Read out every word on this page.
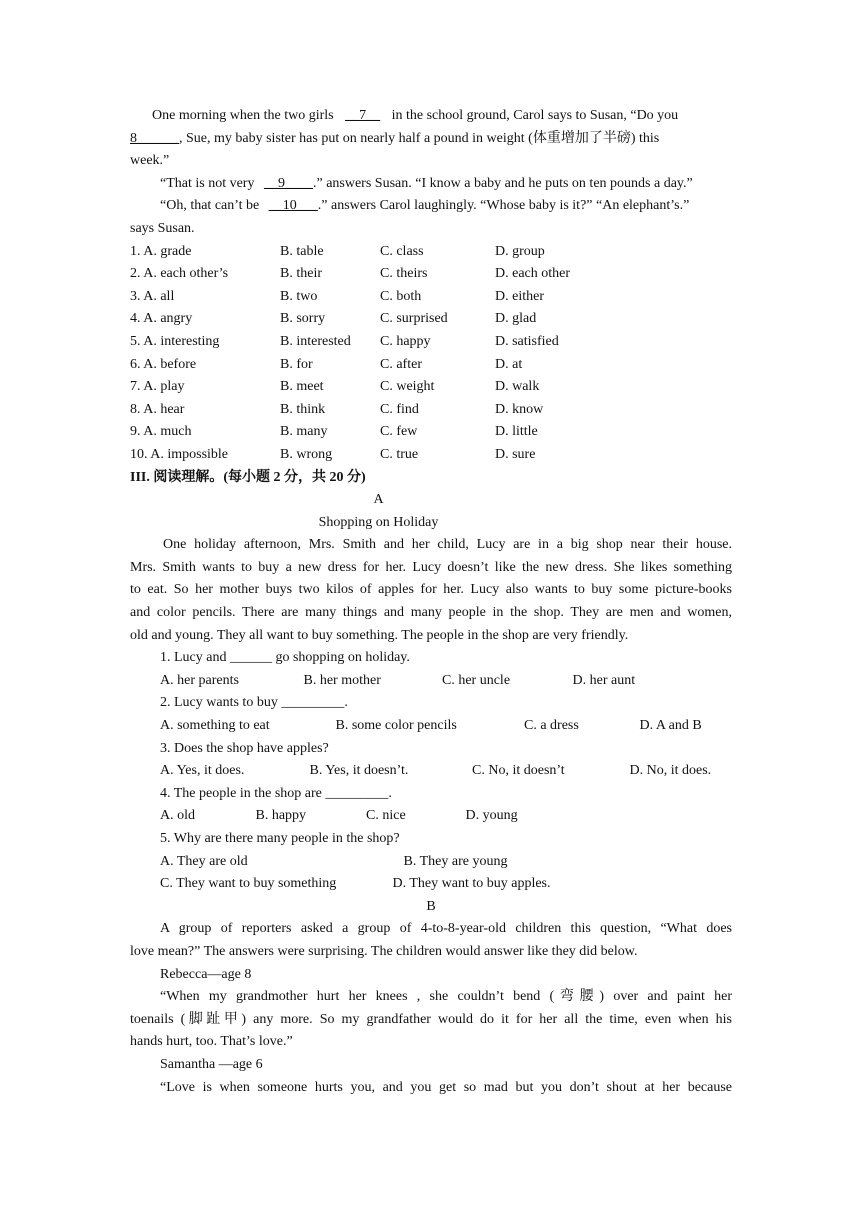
One morning when the two girls __7__ in the school ground, Carol says to Susan, “Do you
8______, Sue, my baby sister has put on nearly half a pound in weight (体重增加了半磅) this
week.”
“That is not very __9____.” answers Susan. “I know a baby and he puts on ten pounds a day.”
“Oh, that can’t be __10___.” answers Carol laughingly. “Whose baby is it?” “An elephant’s.”
says Susan.
1. A. grade	B. table	C. class	D. group
2. A. each other’s	B. their	C. theirs	D. each other
3. A. all	B. two	C. both	D. either
4. A. angry	B. sorry	C. surprised	D. glad
5. A. interesting	B. interested	C. happy	D. satisfied
6. A. before	B. for	C. after	D. at
7. A. play	B. meet	C. weight	D. walk
8. A. hear	B. think	C. find	D. know
9. A. much	B. many	C. few	D. little
10. A. impossible	B. wrong	C. true	D. sure
III. 阅读理解。(每小题 2 分，共 20 分)
A
Shopping on Holiday
One holiday afternoon, Mrs. Smith and her child, Lucy are in a big shop near their house.
Mrs. Smith wants to buy a new dress for her. Lucy doesn’t like the new dress. She likes something
to eat. So her mother buys two kilos of apples for her. Lucy also wants to buy some picture-books
and color pencils. There are many things and many people in the shop. They are men and women,
old and young. They all want to buy something. The people in the shop are very friendly.
1. Lucy and ______ go shopping on holiday.
A. her parents	B. her mother	C. her uncle	D. her aunt
2. Lucy wants to buy _________.
A. something to eat	B. some color pencils	C. a dress	D. A and B
3. Does the shop have apples?
A. Yes, it does.	B. Yes, it doesn’t.	C. No, it doesn’t	D. No, it does.
4. The people in the shop are _________.
A. old	B. happy	C. nice	D. young
5. Why are there many people in the shop?
A. They are old	B. They are young
C. They want to buy something	D. They want to buy apples.
B
A group of reporters asked a group of 4-to-8-year-old children this question, “What does
love mean?” The answers were surprising. The children would answer like they did below.
Rebecca—age 8
“When my grandmother hurt her knees , she couldn’t bend (弯腰) over and paint her
toenails (脚趾甲) any more. So my grandfather would do it for her all the time, even when his
hands hurt, too. That’s love.”
Samantha —age 6
“Love is when someone hurts you, and you get so mad but you don’t shout at her because
